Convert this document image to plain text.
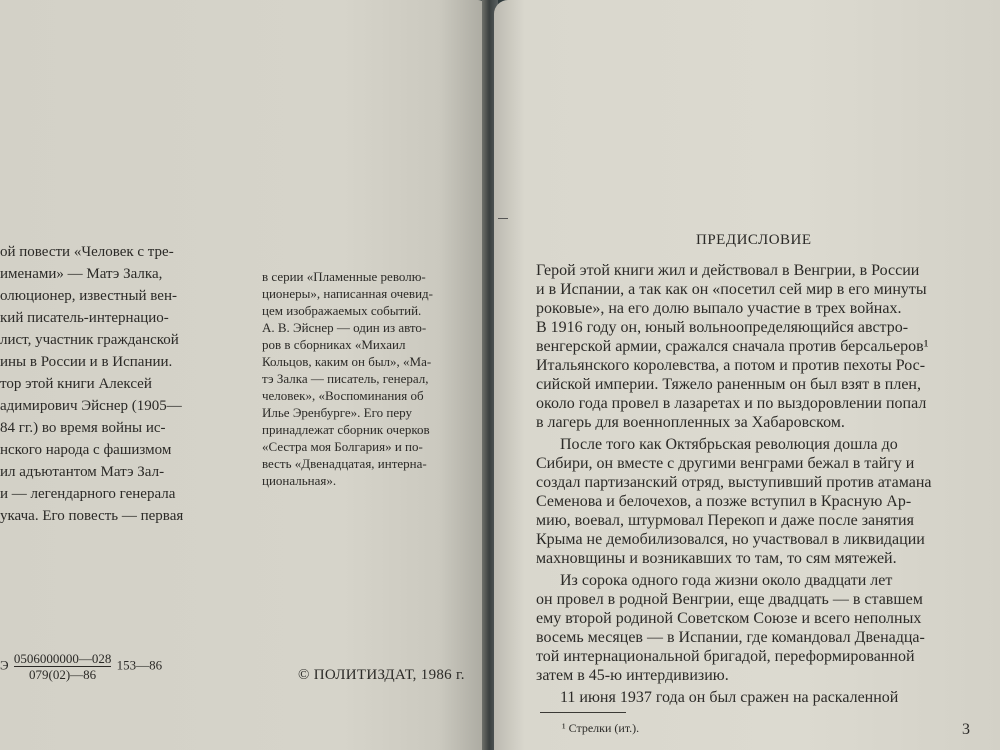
ой повести «Человек с тре-
именами» — Матэ Залка,
олюционер, известный вен-
кий писатель-интернацио-
лист, участник гражданской
ины в России и в Испании.
тор этой книги Алексей
адимирович Эйснер (1905—
84 гг.) во время войны ис-
нского народа с фашизмом
ил адъютантом Матэ Зал-
и — легендарного генерала
укача. Его повесть — первая
в серии «Пламенные револю-
ционеры», написанная очевид-
цем изображаемых событий.
А. В. Эйснер — один из авто-
ров в сборниках «Михаил
Кольцов, каким он был», «Ма-
тэ Залка — писатель, генерал,
человек», «Воспоминания об
Илье Эренбурге». Его перу
принадлежат сборник очерков
«Сестра моя Болгария» и по-
весть «Двенадцатая, интерна-
циональная».
Э $\frac{0506000000—028}{079(02)—86}$ 153—86
© ПОЛИТИЗДАТ, 1986 г.
ПРЕДИСЛОВИЕ
Герой этой книги жил и действовал в Венгрии, в России
и в Испании, а так как он «посетил сей мир в его минуты
роковые», на его долю выпало участие в трех войнах.
В 1916 году он, юный вольноопределяющийся австро-
венгерской армии, сражался сначала против берсальеров¹
Итальянского королевства, а потом и против пехоты Рос-
сийской империи. Тяжело раненным он был взят в плен,
около года провел в лазаретах и по выздоровлении попал
в лагерь для военнопленных за Хабаровском.
После того как Октябрьская революция дошла до
Сибири, он вместе с другими венграми бежал в тайгу и
создал партизанский отряд, выступивший против атамана
Семенова и белочехов, а позже вступил в Красную Ар-
мию, воевал, штурмовал Перекоп и даже после занятия
Крыма не демобилизовался, но участвовал в ликвидации
махновщины и возникавших то там, то сям мятежей.
Из сорока одного года жизни около двадцати лет
он провел в родной Венгрии, еще двадцать — в ставшем
ему второй родиной Советском Союзе и всего неполных
восемь месяцев — в Испании, где командовал Двенадца-
той интернациональной бригадой, переформированной
затем в 45-ю интердивизию.
11 июня 1937 года он был сражен на раскаленной
¹ Стрелки (ит.).	3
